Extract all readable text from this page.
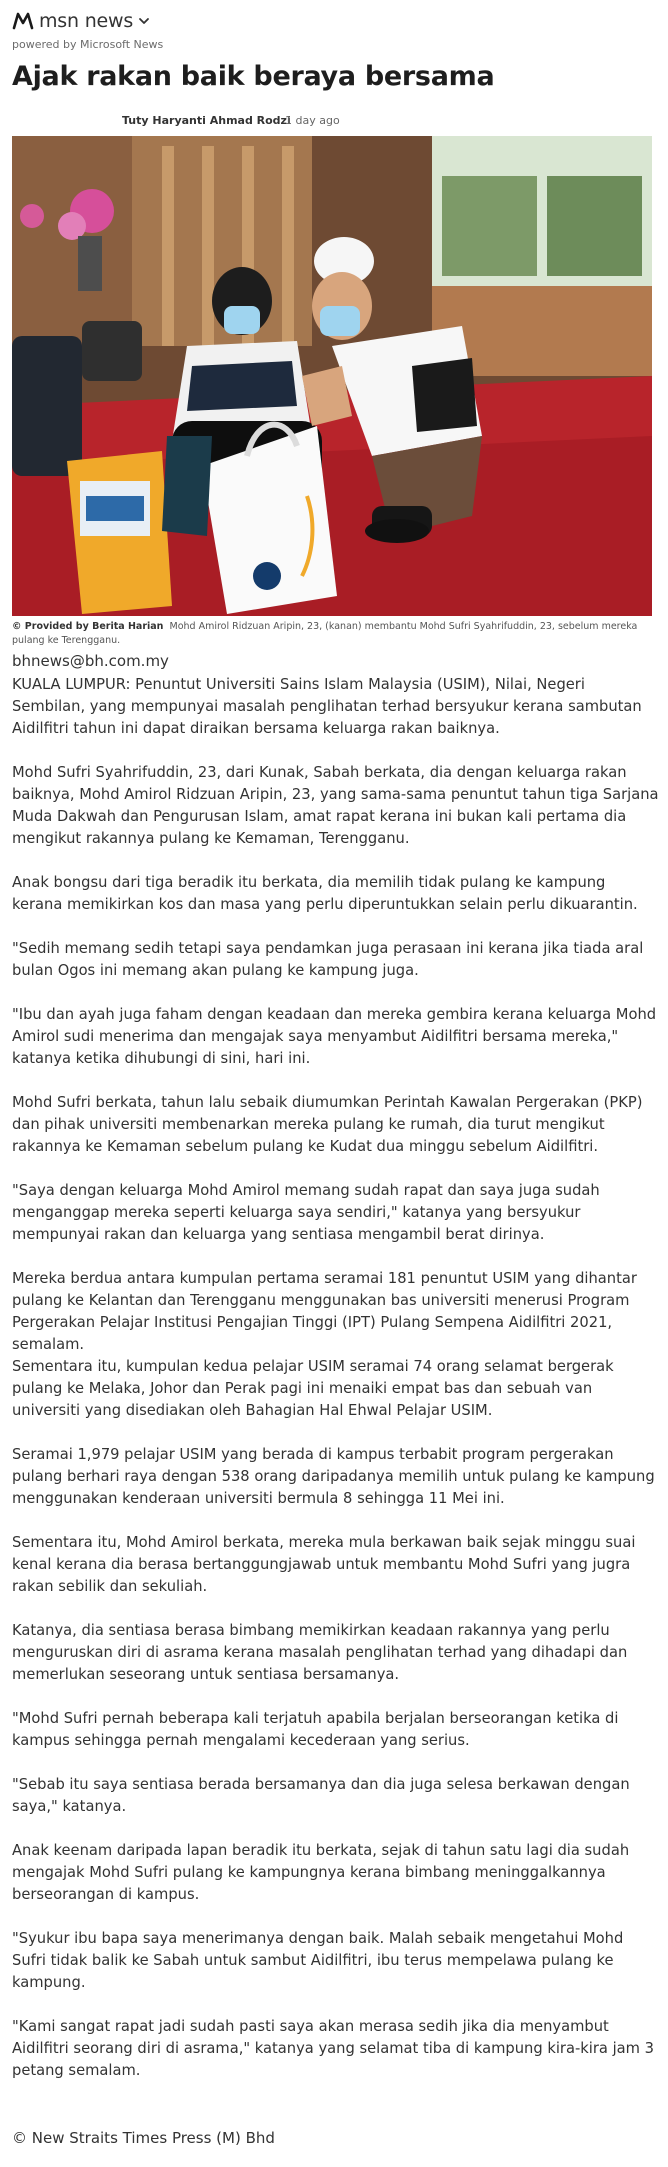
msn news
powered by Microsoft News
Ajak rakan baik beraya bersama
Tuty Haryanti Ahmad Rodzi
1 day ago
© Provided by Berita Harian Mohd Amirol Ridzuan Aripin, 23, (kanan) membantu Mohd Sufri Syahrifuddin, 23, sebelum mereka pulang ke Terengganu.
bhnews@bh.com.my

KUALA LUMPUR: Penuntut Universiti Sains Islam Malaysia (USIM), Nilai, Negeri Sembilan, yang mempunyai masalah penglihatan terhad bersyukur kerana sambutan Aidilfitri tahun ini dapat diraikan bersama keluarga rakan baiknya.

Mohd Sufri Syahrifuddin, 23, dari Kunak, Sabah berkata, dia dengan keluarga rakan baiknya, Mohd Amirol Ridzuan Aripin, 23, yang sama-sama penuntut tahun tiga Sarjana Muda Dakwah dan Pengurusan Islam, amat rapat kerana ini bukan kali pertama dia mengikut rakannya pulang ke Kemaman, Terengganu.

Anak bongsu dari tiga beradik itu berkata, dia memilih tidak pulang ke kampung kerana memikirkan kos dan masa yang perlu diperuntukkan selain perlu dikuarantin.

"Sedih memang sedih tetapi saya pendamkan juga perasaan ini kerana jika tiada aral bulan Ogos ini memang akan pulang ke kampung juga.

"Ibu dan ayah juga faham dengan keadaan dan mereka gembira kerana keluarga Mohd Amirol sudi menerima dan mengajak saya menyambut Aidilfitri bersama mereka," katanya ketika dihubungi di sini, hari ini.

Mohd Sufri berkata, tahun lalu sebaik diumumkan Perintah Kawalan Pergerakan (PKP) dan pihak universiti membenarkan mereka pulang ke rumah, dia turut mengikut rakannya ke Kemaman sebelum pulang ke Kudat dua minggu sebelum Aidilfitri.

"Saya dengan keluarga Mohd Amirol memang sudah rapat dan saya juga sudah menganggap mereka seperti keluarga saya sendiri," katanya yang bersyukur mempunyai rakan dan keluarga yang sentiasa mengambil berat dirinya.

Mereka berdua antara kumpulan pertama seramai 181 penuntut USIM yang dihantar pulang ke Kelantan dan Terengganu menggunakan bas universiti menerusi Program Pergerakan Pelajar Institusi Pengajian Tinggi (IPT) Pulang Sempena Aidilfitri 2021, semalam.

Sementara itu, kumpulan kedua pelajar USIM seramai 74 orang selamat bergerak pulang ke Melaka, Johor dan Perak pagi ini menaiki empat bas dan sebuah van universiti yang disediakan oleh Bahagian Hal Ehwal Pelajar USIM.

Seramai 1,979 pelajar USIM yang berada di kampus terbabit program pergerakan pulang berhari raya dengan 538 orang daripadanya memilih untuk pulang ke kampung menggunakan kenderaan universiti bermula 8 sehingga 11 Mei ini.

Sementara itu, Mohd Amirol berkata, mereka mula berkawan baik sejak minggu suai kenal kerana dia berasa bertanggungjawab untuk membantu Mohd Sufri yang jugra rakan sebilik dan sekuliah.

Katanya, dia sentiasa berasa bimbang memikirkan keadaan rakannya yang perlu menguruskan diri di asrama kerana masalah penglihatan terhad yang dihadapi dan memerlukan seseorang untuk sentiasa bersamanya.

"Mohd Sufri pernah beberapa kali terjatuh apabila berjalan berseorangan ketika di kampus sehingga pernah mengalami kecederaan yang serius.

"Sebab itu saya sentiasa berada bersamanya dan dia juga selesa berkawan dengan saya," katanya.

Anak keenam daripada lapan beradik itu berkata, sejak di tahun satu lagi dia sudah mengajak Mohd Sufri pulang ke kampungnya kerana bimbang meninggalkannya berseorangan di kampus.

"Syukur ibu bapa saya menerimanya dengan baik. Malah sebaik mengetahui Mohd Sufri tidak balik ke Sabah untuk sambut Aidilfitri, ibu terus mempelawa pulang ke kampung.

"Kami sangat rapat jadi sudah pasti saya akan merasa sedih jika dia menyambut Aidilfitri seorang diri di asrama," katanya yang selamat tiba di kampung kira-kira jam 3 petang semalam.

© New Straits Times Press (M) Bhd
